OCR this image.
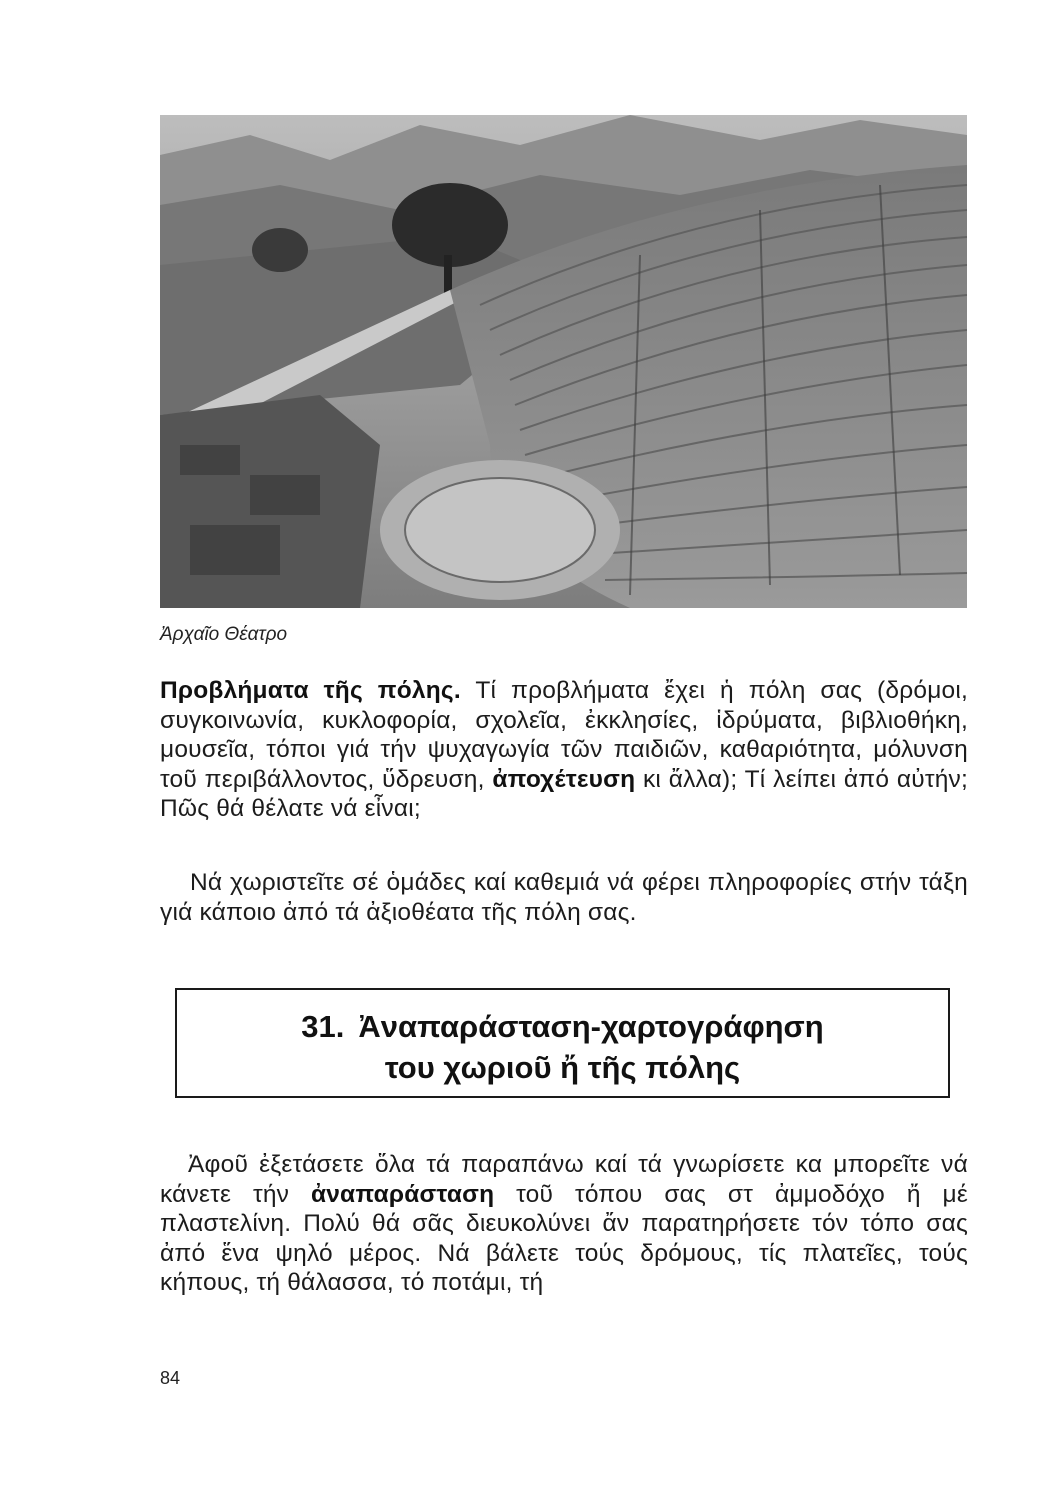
Ἀρχαῖο Θέατρο
Προβλήματα τῆς πόλης. Τί προβλήματα ἔχει ἡ πόλη σας (δρόμοι, συγκοινωνία, κυκλοφορία, σχολεῖα, ἐκκλησίες, ἱδρύματα, βιβλιοθήκη, μουσεῖα, τόποι γιά τήν ψυχαγωγία τῶν παιδιῶν, καθαριότητα, μόλυνση τοῦ περιβάλλοντος, ὕδρευση, ἀποχέτευση κι ἄλλα); Τί λείπει ἀπό αὐτήν; Πῶς θά θέλατε νά εἶναι;
Νά χωριστεῖτε σέ ὁμάδες καί καθεμιά νά φέρει πληροφορίες στήν τάξη γιά κάποιο ἀπό τά ἀξιοθέατα τῆς πόλη σας.
31. Ἀναπαράσταση-χαρτογράφηση
του χωριοῦ ἤ τῆς πόλης
Ἀφοῦ ἐξετάσετε ὅλα τά παραπάνω καί τά γνωρίσετε κα μπορεῖτε νά κάνετε τήν ἀναπαράσταση τοῦ τόπου σας στ ἀμμοδόχο ἤ μέ πλαστελίνη. Πολύ θά σᾶς διευκολύνει ἄν παρατηρήσετε τόν τόπο σας ἀπό ἕνα ψηλό μέρος. Νά βάλετε τούς δρόμους, τίς πλατεῖες, τούς κήπους, τή θάλασσα, τό ποτάμι, τή
84
